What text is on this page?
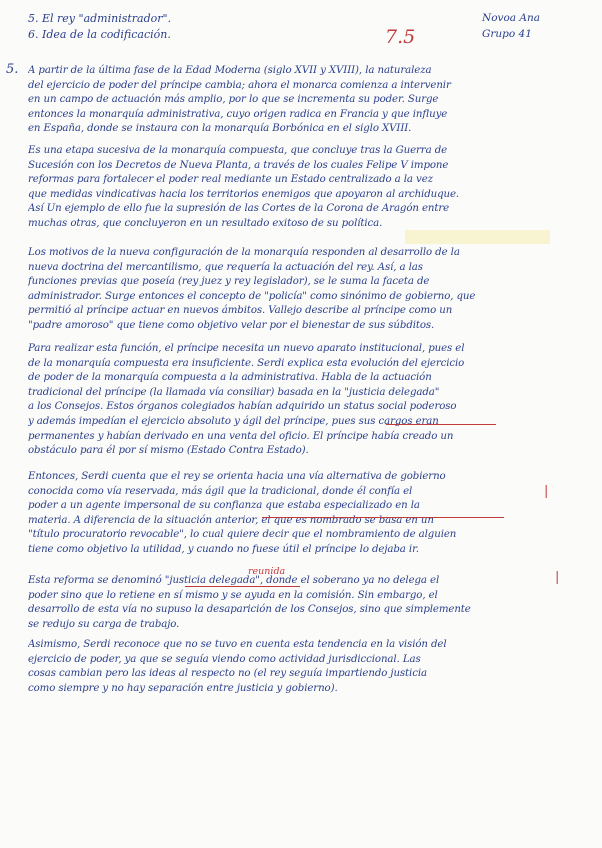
5. El rey "administrador".
6. Idea de la codificación.	7.5
Novoa Ana
Grupo 41
5. A partir de la última fase de la Edad Moderna (siglo XVII y XVIII), la naturaleza

del ejercicio de poder del príncipe cambia; ahora el monarca comienza a intervenir

en un campo de actuación más amplio, por lo que se incrementa su poder. Surge

entonces la monarquía administrativa, cuyo origen radica en Francia y que influye

en España, donde se instaura con la monarquía Borbónica en el siglo XVIII.

Es una etapa sucesiva de la monarquía compuesta, que concluye tras la Guerra de

Sucesión con los Decretos de Nueva Planta, a través de los cuales Felipe V impone

reformas para fortalecer el poder real mediante un Estado centralizado a la vez

que medidas vindicativas hacia los territorios enemigos que apoyaron al archiduque.

Así Un ejemplo de ello fue la supresión de las Cortes de la Corona de Aragón entre

muchas otras, que concluyeron en un resultado exitoso de su política.

Los motivos de la nueva configuración de la monarquía responden al desarrollo de la

nueva doctrina del mercantilismo, que requería la actuación del rey. Así, a las

funciones previas que poseía (rey juez y rey legislador), se le suma la faceta de

administrador. Surge entonces el concepto de "policía" como sinónimo de gobierno, que

permitió al príncipe actuar en nuevos ámbitos. Vallejo describe al príncipe como un

"padre amoroso" que tiene como objetivo velar por el bienestar de sus súbditos.

Para realizar esta función, el príncipe necesita un nuevo aparato institucional, pues el

de la monarquía compuesta era insuficiente. Serdi explica esta evolución del ejercicio

de poder de la monarquía compuesta a la administrativa. Habla de la actuación

tradicional del príncipe (la llamada vía consiliar) basada en la "justicia delegada"

a los Consejos. Estos órganos colegiados habían adquirido un status social poderoso

y además impedían el ejercicio absoluto y ágil del príncipe, pues sus cargos eran

permanentes y habían derivado en una venta del oficio. El príncipe había creado un

obstáculo para él por sí mismo (Estado Contra Estado).

Entonces, Serdi cuenta que el rey se orienta hacia una vía alternativa de gobierno

conocida como vía reservada, más ágil que la tradicional, donde él confía el

poder a un agente impersonal de su confianza que estaba especializado en la

materia. A diferencia de la situación anterior, el que es nombrado se basa en un

"título procuratorio revocable", lo cual quiere decir que el nombramiento de alguien

tiene como objetivo la utilidad, y cuando no fuese útil el príncipe lo dejaba ir.

|
reunida	|

Esta reforma se denominó "justicia delegada", donde el soberano ya no delega el

poder sino que lo retiene en sí mismo y se ayuda en la comisión. Sin embargo, el

desarrollo de esta vía no supuso la desaparición de los Consejos, sino que simplemente

se redujo su carga de trabajo.

Asimismo, Serdi reconoce que no se tuvo en cuenta esta tendencia en la visión del

ejercicio de poder, ya que se seguía viendo como actividad jurisdiccional. Las

cosas cambian pero las ideas al respecto no (el rey seguía impartiendo justicia

como siempre y no hay separación entre justicia y gobierno).
